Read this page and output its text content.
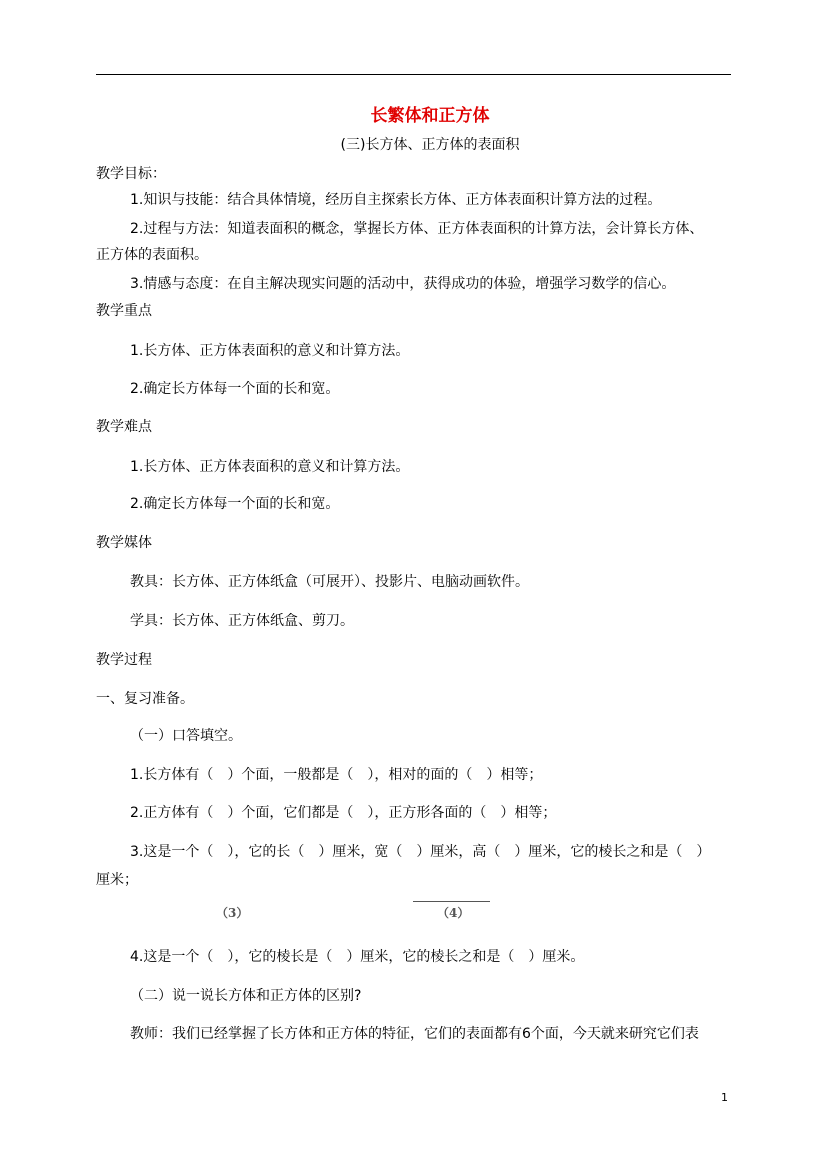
长繁体和正方体
(三)长方体、正方体的表面积
教学目标：
1.知识与技能：结合具体情境，经历自主探索长方体、正方体表面积计算方法的过程。
2.过程与方法：知道表面积的概念，掌握长方体、正方体表面积的计算方法，会计算长方体、
正方体的表面积。
3.情感与态度：在自主解决现实问题的活动中，获得成功的体验，增强学习数学的信心。
教学重点
1.长方体、正方体表面积的意义和计算方法。
2.确定长方体每一个面的长和宽。
教学难点
1.长方体、正方体表面积的意义和计算方法。
2.确定长方体每一个面的长和宽。
教学媒体
教具：长方体、正方体纸盒（可展开）、投影片、电脑动画软件。
学具：长方体、正方体纸盒、剪刀。
教学过程
一、复习准备。
（一）口答填空。
1.长方体有（　）个面，一般都是（　），相对的面的（　）相等；
2.正方体有（　）个面，它们都是（　），正方形各面的（　）相等；
3.这是一个（　），它的长（　）厘米，宽（　）厘米，高（　）厘米，它的棱长之和是（　）
厘米；
（3）	（4）
4.这是一个（　），它的棱长是（　）厘米，它的棱长之和是（　）厘米。
（二）说一说长方体和正方体的区别?
教师：我们已经掌握了长方体和正方体的特征，它们的表面都有6个面，今天就来研究它们表
1
